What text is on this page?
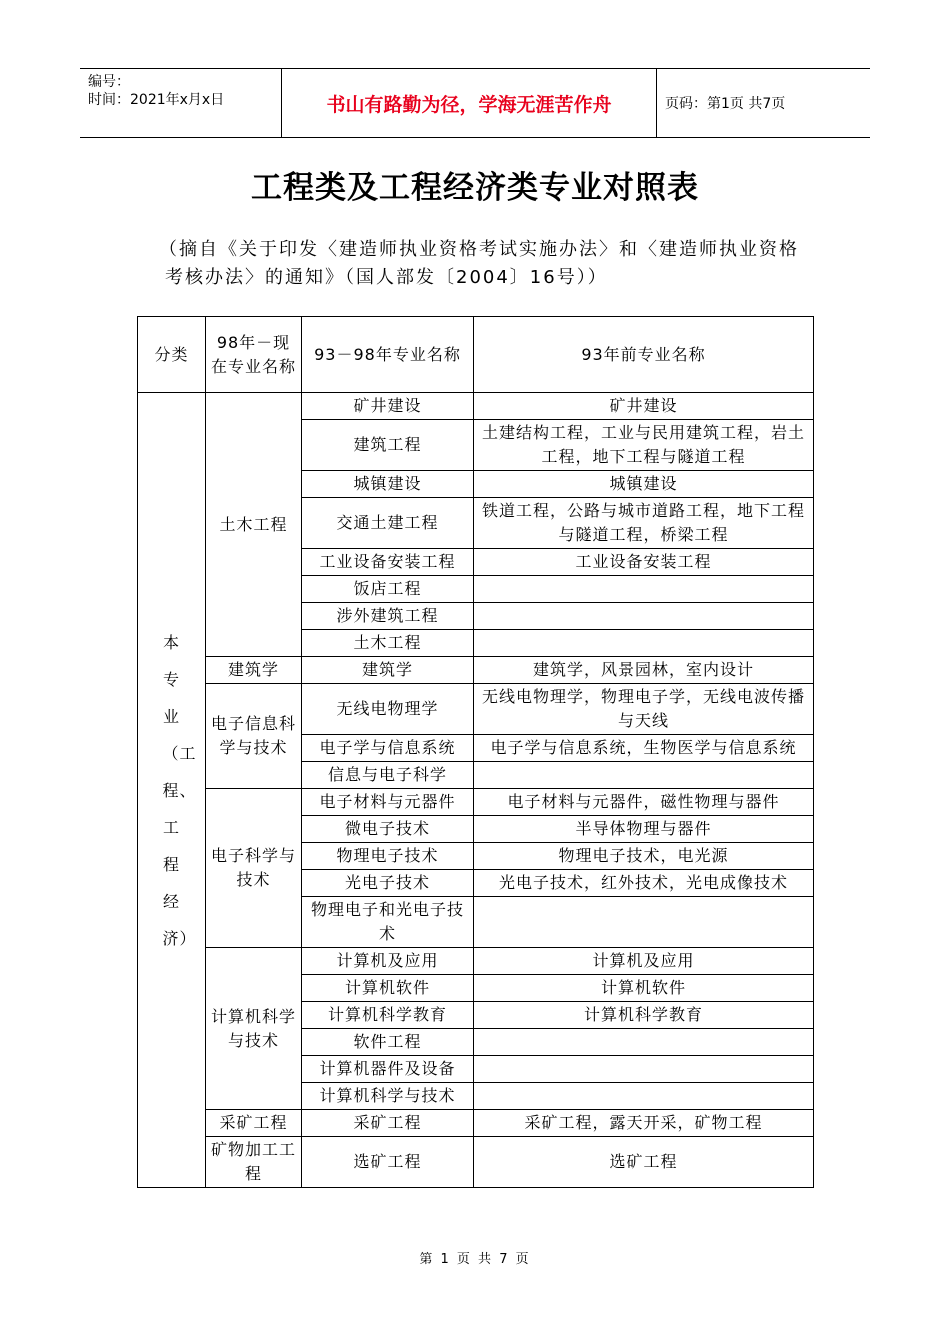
编号：
时间：2021年x月x日	书山有路勤为径，学海无涯苦作舟	页码：第1页 共7页
工程类及工程经济类专业对照表
（摘自《关于印发〈建造师执业资格考试实施办法〉和〈建造师执业资格考核办法〉的通知》（国人部发〔2004〕16号））
分类	98年－现在专业名称	93－98年专业名称	93年前专业名称
本专业（工程、工程经济）	土木工程	矿井建设	矿井建设
		建筑工程	土建结构工程，工业与民用建筑工程，岩土工程，地下工程与隧道工程
		城镇建设	城镇建设
		交通土建工程	铁道工程，公路与城市道路工程，地下工程与隧道工程，桥梁工程
		工业设备安装工程	工业设备安装工程
		饭店工程	
		涉外建筑工程	
		土木工程	
	建筑学	建筑学	建筑学，风景园林，室内设计
	电子信息科学与技术	无线电物理学	无线电物理学，物理电子学，无线电波传播与天线
		电子学与信息系统	电子学与信息系统，生物医学与信息系统
		信息与电子科学	
	电子科学与技术	电子材料与元器件	电子材料与元器件，磁性物理与器件
		微电子技术	半导体物理与器件
		物理电子技术	物理电子技术，电光源
		光电子技术	光电子技术，红外技术，光电成像技术
		物理电子和光电子技术	
	计算机科学与技术	计算机及应用	计算机及应用
		计算机软件	计算机软件
		计算机科学教育	计算机科学教育
		软件工程	
		计算机器件及设备	
		计算机科学与技术	
	采矿工程	采矿工程	采矿工程，露天开采，矿物工程
	矿物加工工程	选矿工程	选矿工程
第 1 页 共 7 页
